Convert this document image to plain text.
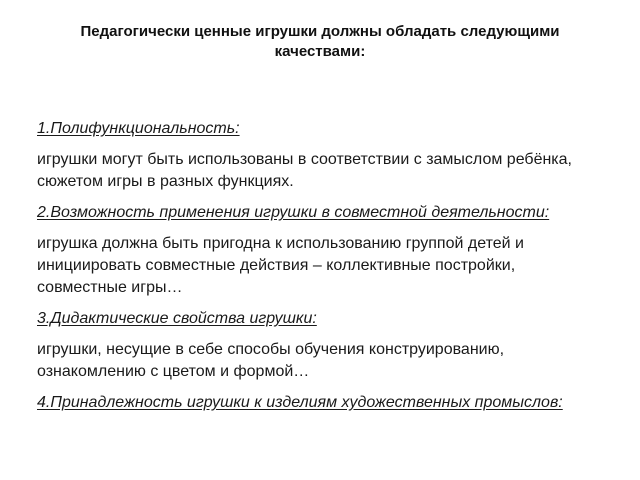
Педагогически ценные игрушки должны обладать следующими качествами:

1.Полифункциональность:

игрушки могут быть использованы в соответствии с замыслом ребёнка, сюжетом игры в разных функциях.

2.Возможность применения игрушки в совместной деятельности:

игрушка должна быть пригодна к использованию группой детей и инициировать совместные действия – коллективные постройки, совместные игры…

3.Дидактические свойства игрушки:

игрушки, несущие в себе способы обучения конструированию, ознакомлению с цветом и формой…

4.Принадлежность игрушки к изделиям художественных промыслов:
